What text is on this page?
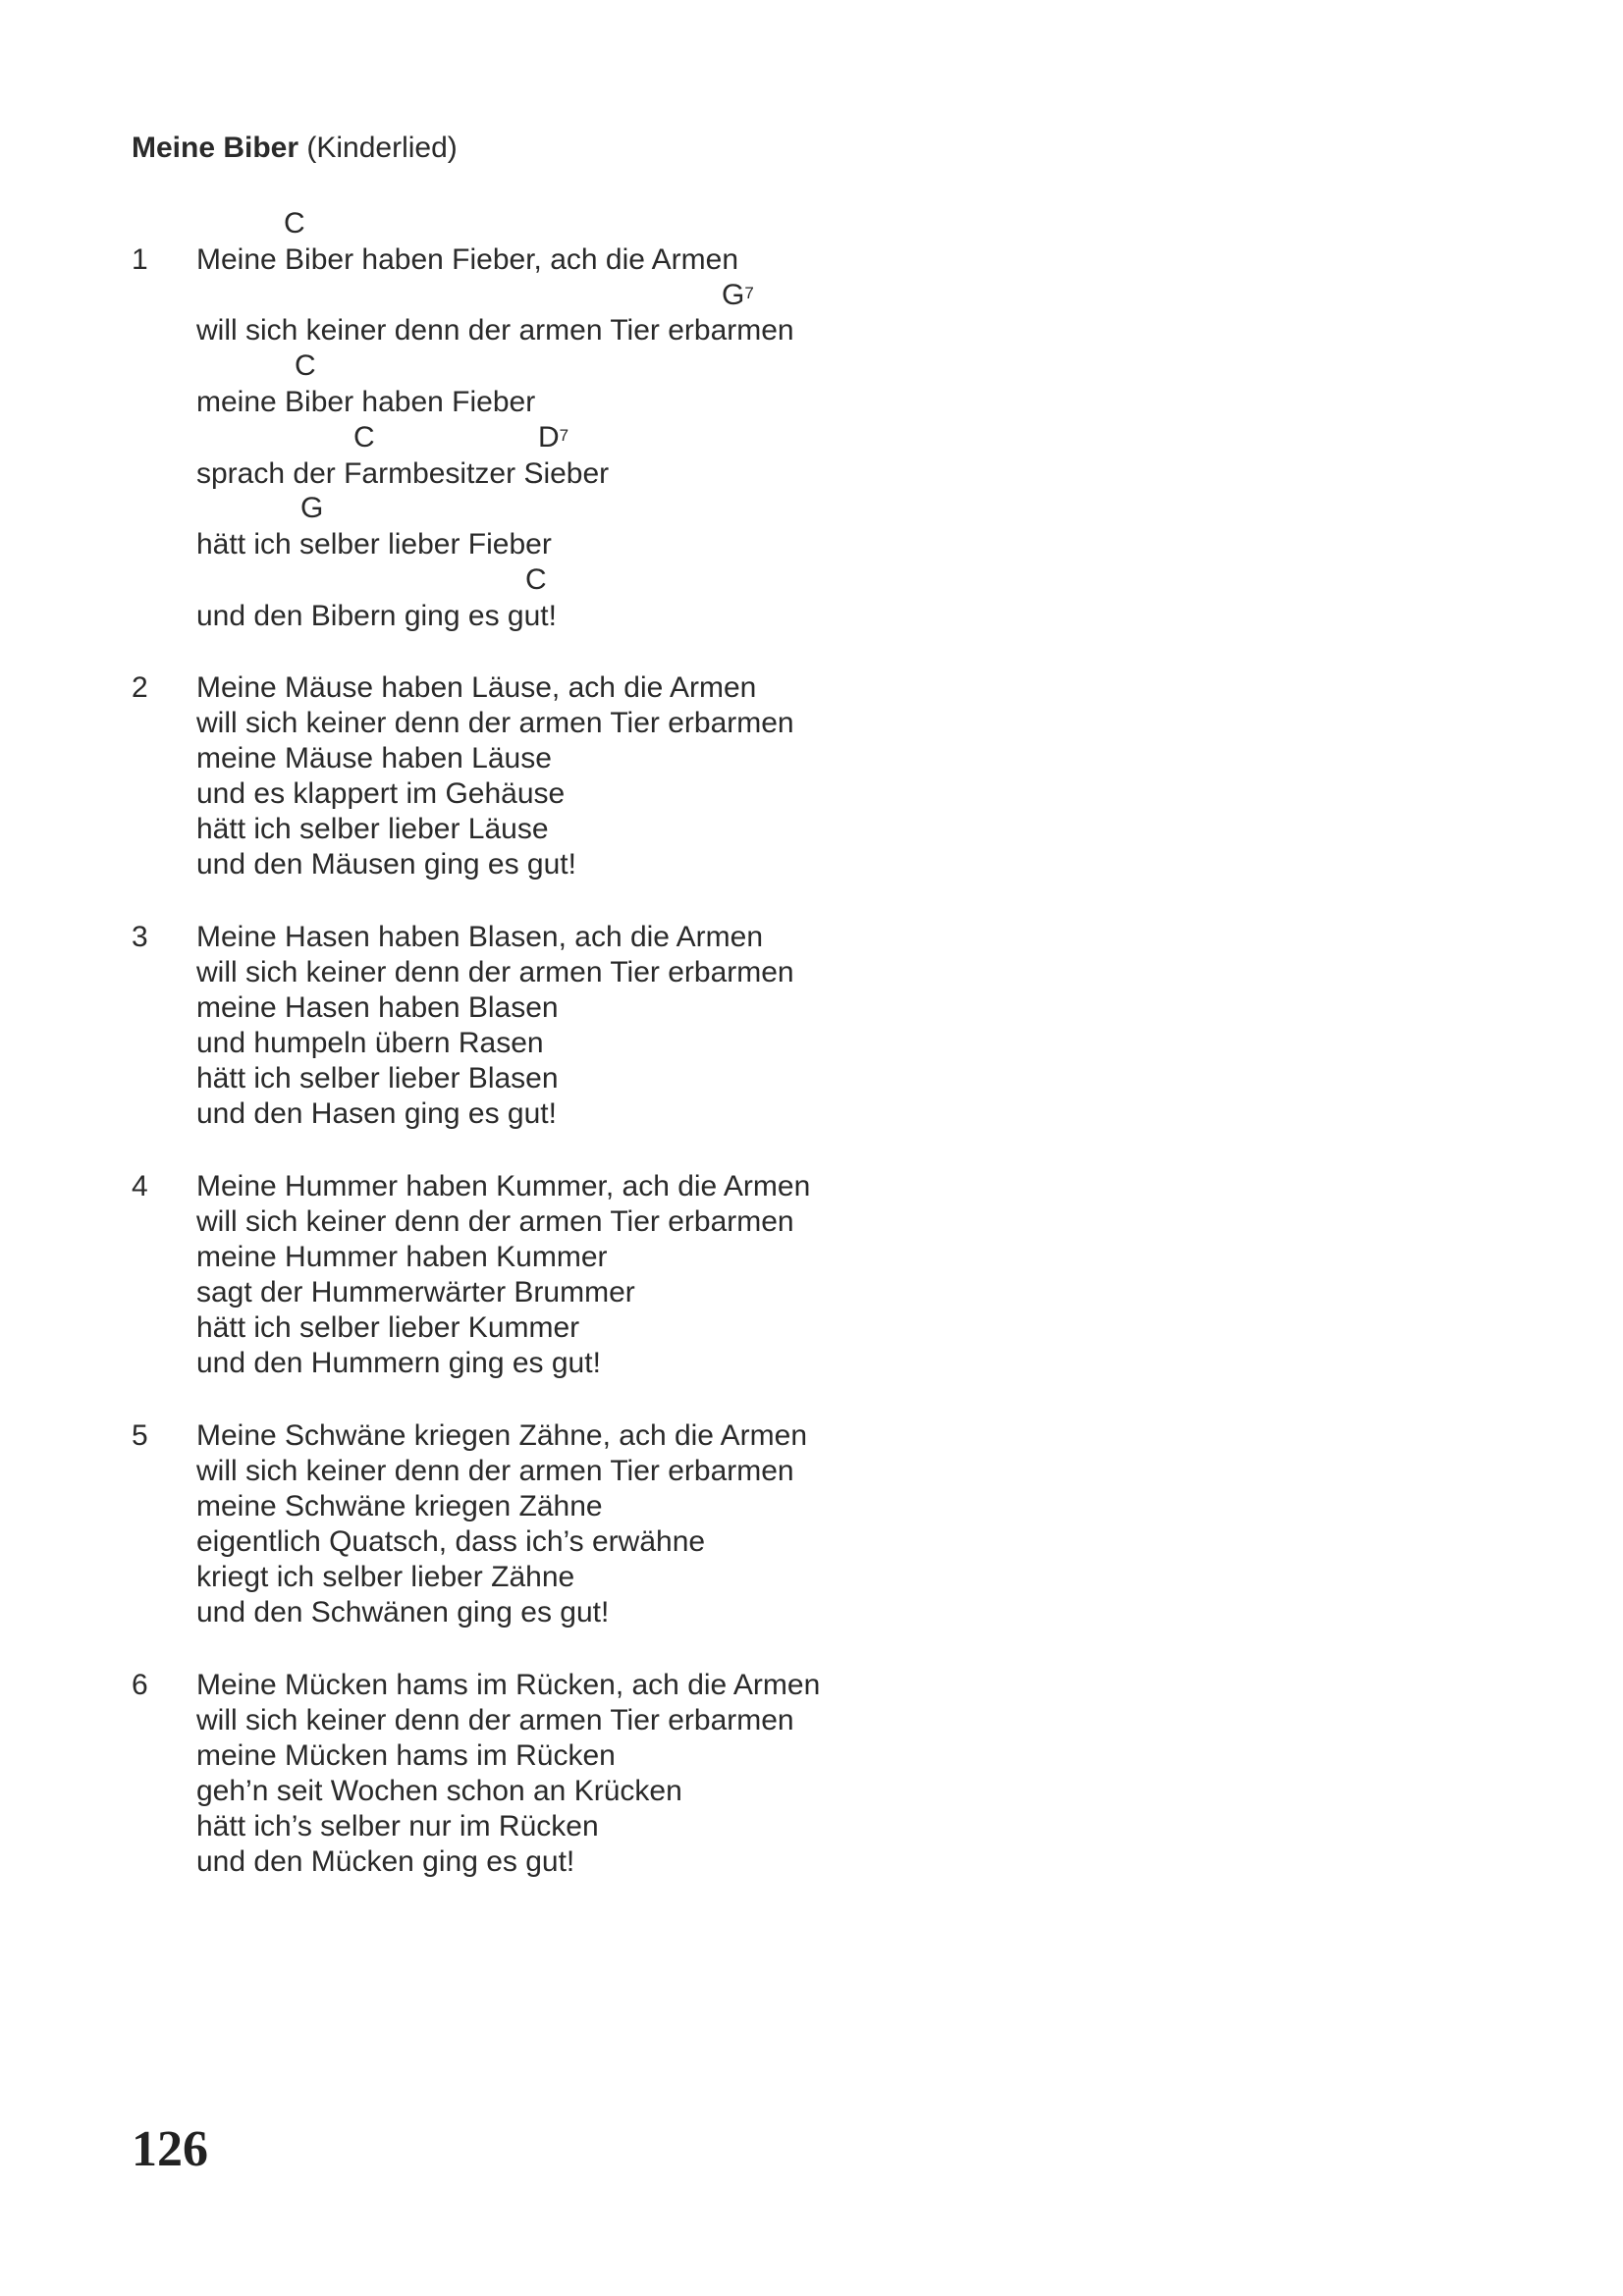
Meine Biber (Kinderlied)
1
C
Meine Biber haben Fieber, ach die Armen
$G^7$
will sich keiner denn der armen Tier erbarmen
C
meine Biber haben Fieber
C	$D^7$
sprach der Farmbesitzer Sieber
G
hätt ich selber lieber Fieber
C
und den Bibern ging es gut!
2 Meine Mäuse haben Läuse, ach die Armen
will sich keiner denn der armen Tier erbarmen
meine Mäuse haben Läuse
und es klappert im Gehäuse
hätt ich selber lieber Läuse
und den Mäusen ging es gut!
3 Meine Hasen haben Blasen, ach die Armen
will sich keiner denn der armen Tier erbarmen
meine Hasen haben Blasen
und humpeln übern Rasen
hätt ich selber lieber Blasen
und den Hasen ging es gut!
4 Meine Hummer haben Kummer, ach die Armen
will sich keiner denn der armen Tier erbarmen
meine Hummer haben Kummer
sagt der Hummerwärter Brummer
hätt ich selber lieber Kummer
und den Hummern ging es gut!
5 Meine Schwäne kriegen Zähne, ach die Armen
will sich keiner denn der armen Tier erbarmen
meine Schwäne kriegen Zähne
eigentlich Quatsch, dass ich’s erwähne
kriegt ich selber lieber Zähne
und den Schwänen ging es gut!
6 Meine Mücken hams im Rücken, ach die Armen
will sich keiner denn der armen Tier erbarmen
meine Mücken hams im Rücken
geh’n seit Wochen schon an Krücken
hätt ich’s selber nur im Rücken
und den Mücken ging es gut!
126
